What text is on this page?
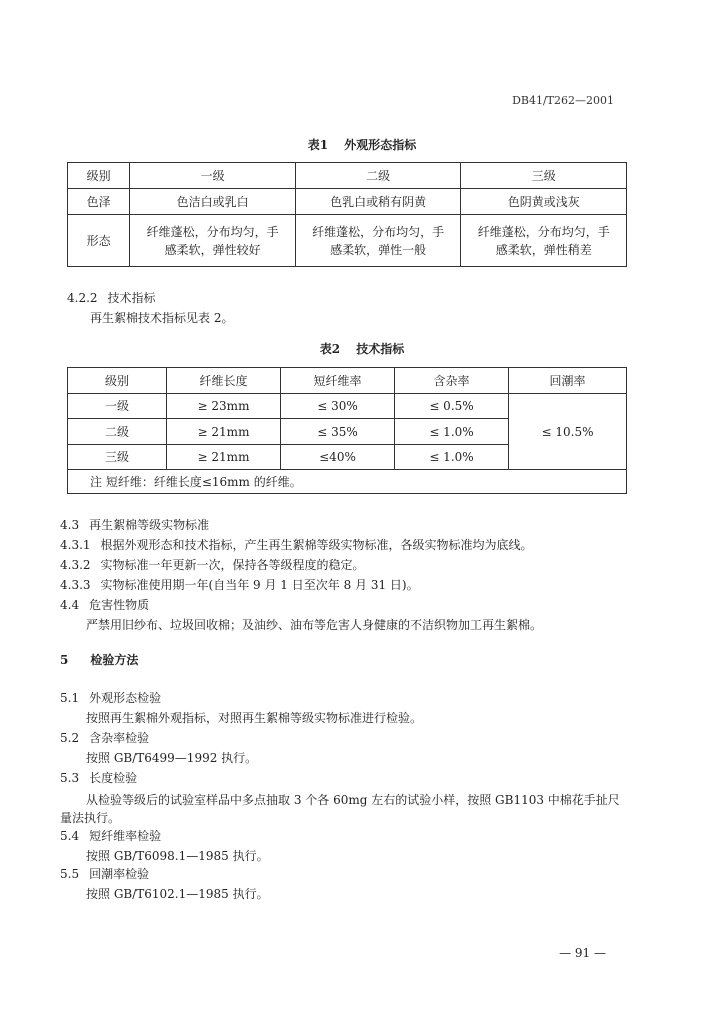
DB41/T262—2001
表1 外观形态指标
级别	一级	二级	三级
色泽	色洁白或乳白	色乳白或稍有阴黄	色阴黄或浅灰
形态	纤维蓬松，分布均匀，手感柔软，弹性较好	纤维蓬松，分布均匀，手感柔软，弹性一般	纤维蓬松，分布均匀，手感柔软，弹性稍差
4.2.2 技术指标
再生絮棉技术指标见表 2。
表2 技术指标
级别	纤维长度	短纤维率	含杂率	回潮率
一级	≥ 23mm	≤ 30%	≤ 0.5%	≤ 10.5%
二级	≥ 21mm	≤ 35%	≤ 1.0%	
三级	≥ 21mm	≤40%	≤ 1.0%	
注 短纤维：纤维长度≤16mm 的纤维。				
4.3 再生絮棉等级实物标准
4.3.1 根据外观形态和技术指标，产生再生絮棉等级实物标准，各级实物标准均为底线。
4.3.2 实物标准一年更新一次，保持各等级程度的稳定。
4.3.3 实物标准使用期一年(自当年 9 月 1 日至次年 8 月 31 日)。
4.4 危害性物质
严禁用旧纱布、垃圾回收棉；及油纱、油布等危害人身健康的不洁织物加工再生絮棉。
5 检验方法
5.1 外观形态检验
按照再生絮棉外观指标，对照再生絮棉等级实物标准进行检验。
5.2 含杂率检验
按照 GB/T6499—1992 执行。
5.3 长度检验
从检验等级后的试验室样品中多点抽取 3 个各 60mg 左右的试验小样，按照 GB1103 中棉花手扯尺
量法执行。
5.4 短纤维率检验
按照 GB/T6098.1—1985 执行。
5.5 回潮率检验
按照 GB/T6102.1—1985 执行。
— 91 —
